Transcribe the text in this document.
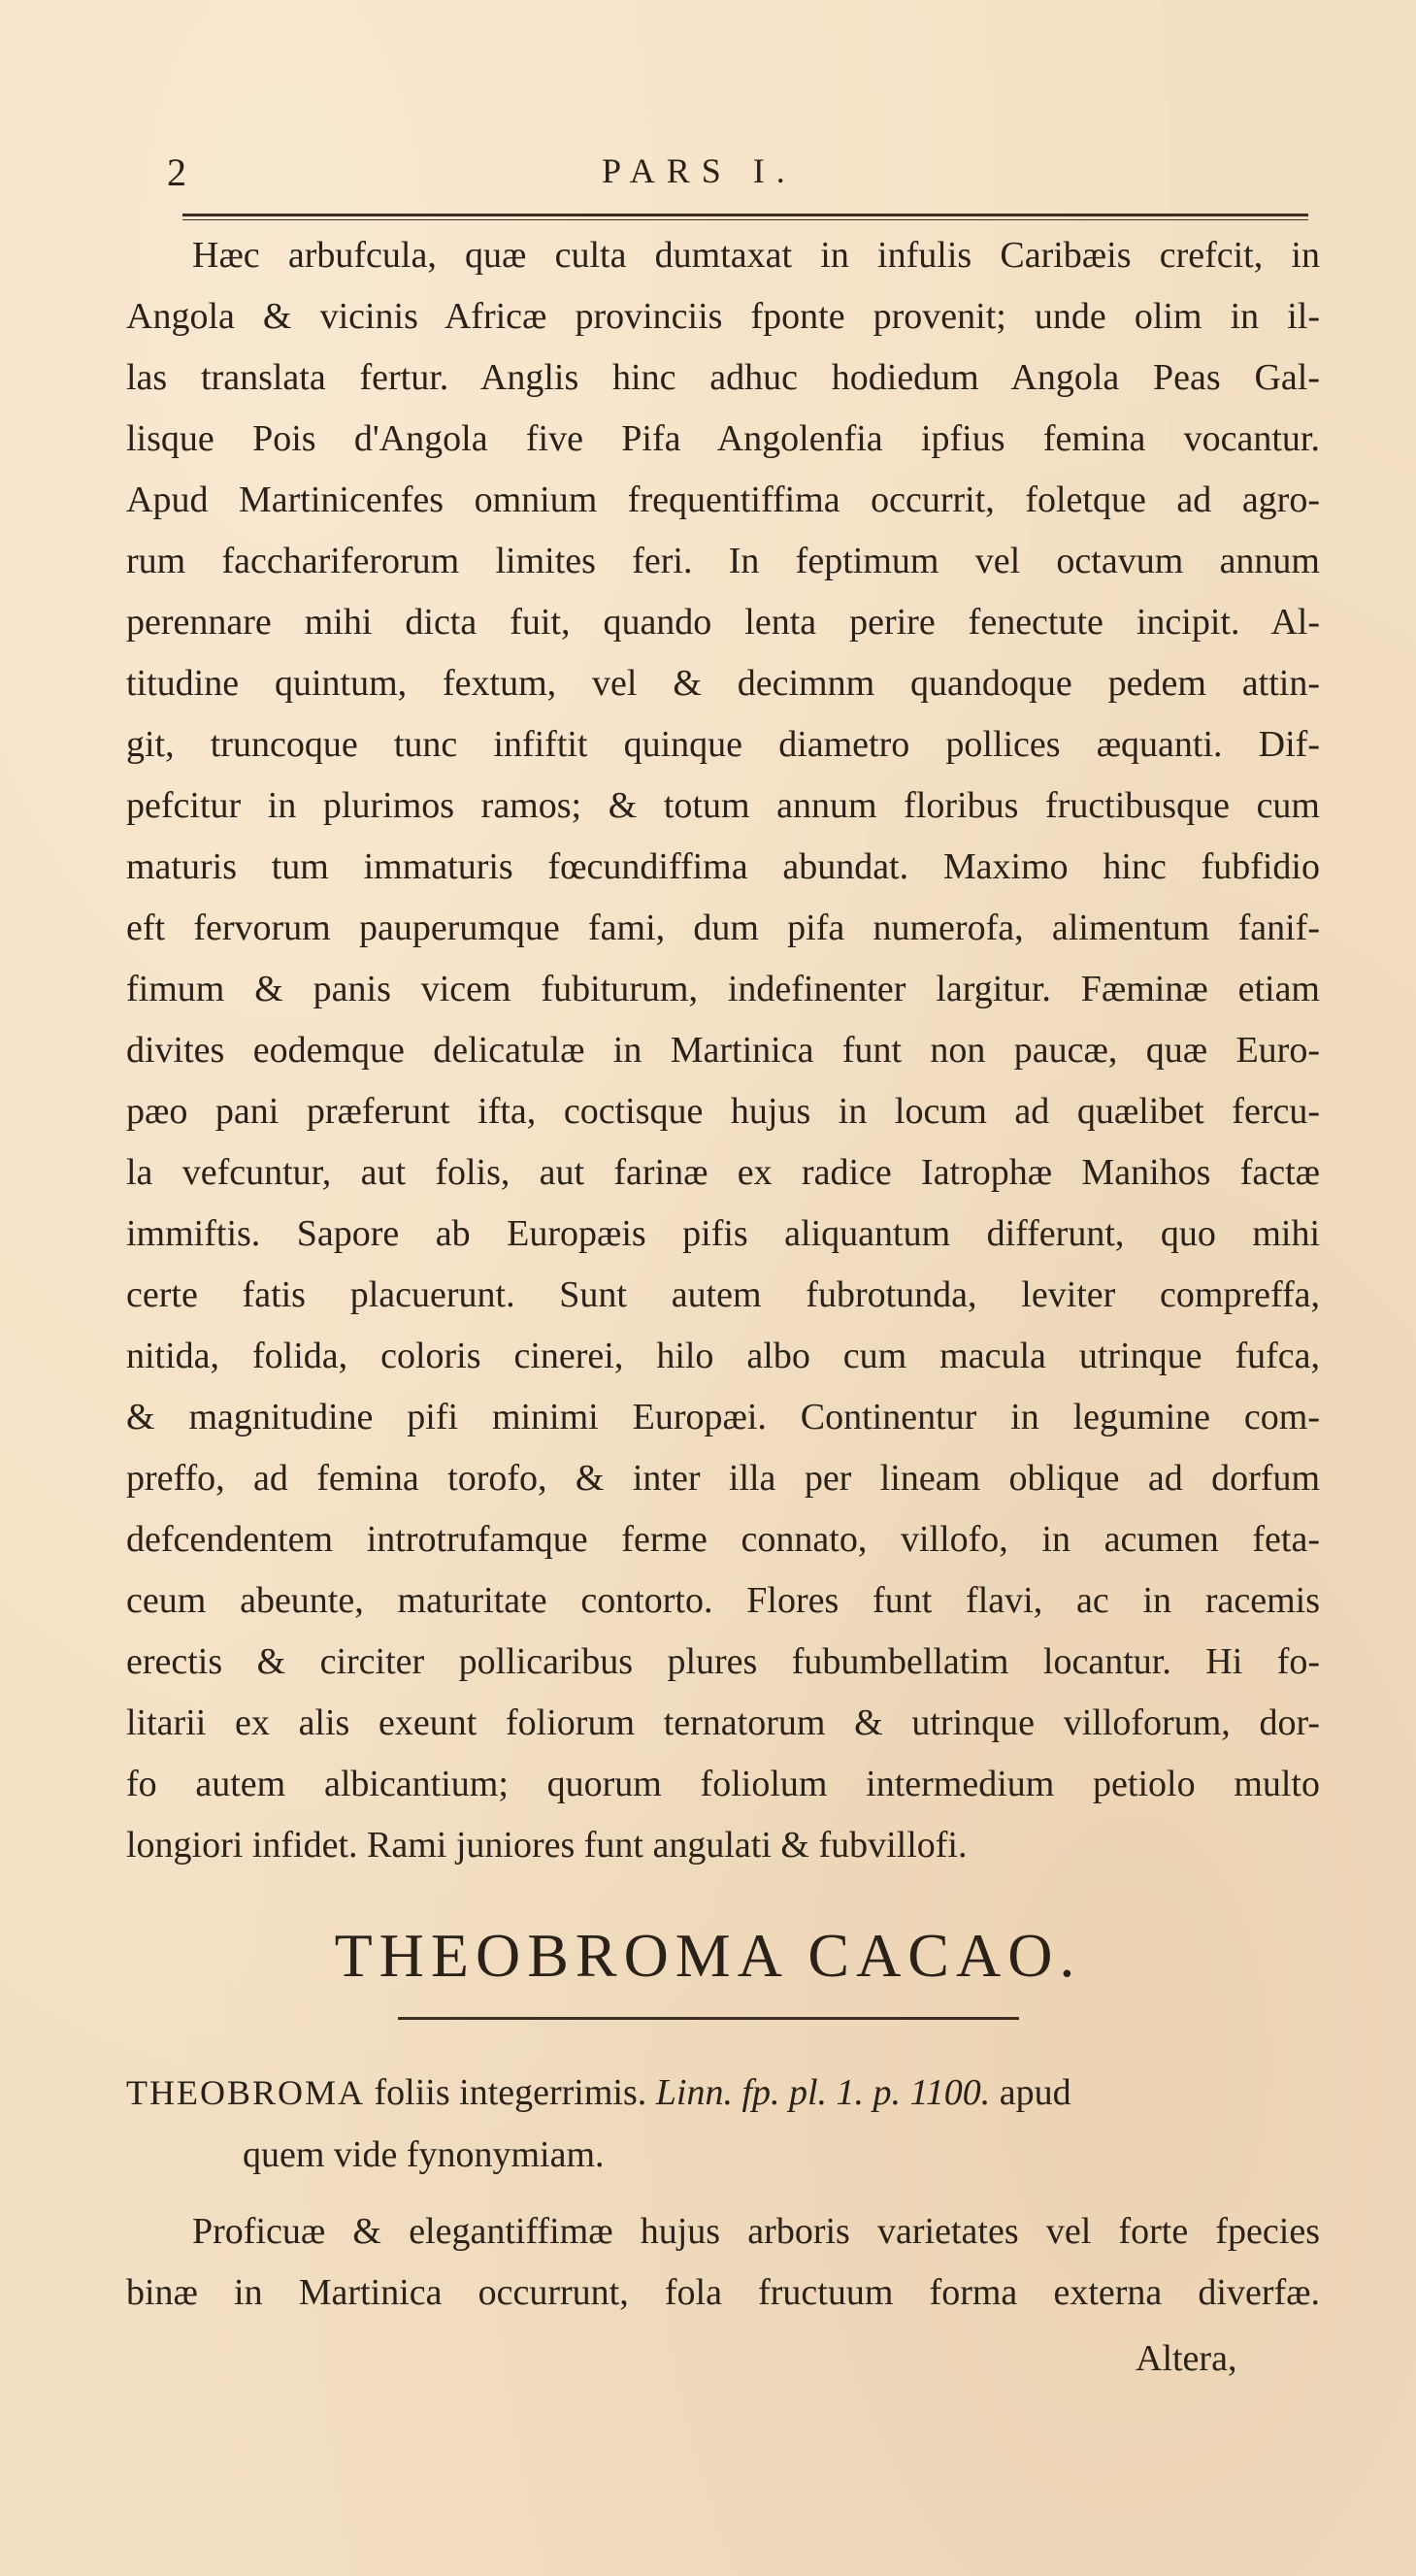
2	PARS I.
Hæc arbufcula, quæ culta dumtaxat in infulis Caribæis crefcit, in
Angola & vicinis Africæ provinciis fponte provenit; unde olim in il-
las translata fertur. Anglis hinc adhuc hodiedum Angola Peas Gal-
lisque Pois d'Angola five Pifa Angolenfia ipfius femina vocantur.
Apud Martinicenfes omnium frequentiffima occurrit, foletque ad agro-
rum facchariferorum limites feri. In feptimum vel octavum annum
perennare mihi dicta fuit, quando lenta perire fenectute incipit. Al-
titudine quintum, fextum, vel & decimnm quandoque pedem attin-
git, truncoque tunc infiftit quinque diametro pollices æquanti. Dif-
pefcitur in plurimos ramos; & totum annum floribus fructibusque cum
maturis tum immaturis fœcundiffima abundat. Maximo hinc fubfidio
eft fervorum pauperumque fami, dum pifa numerofa, alimentum fanif-
fimum & panis vicem fubiturum, indefinenter largitur. Fæminæ etiam
divites eodemque delicatulæ in Martinica funt non paucæ, quæ Euro-
pæo pani præferunt ifta, coctisque hujus in locum ad quælibet fercu-
la vefcuntur, aut folis, aut farinæ ex radice Iatrophæ Manihos factæ
immiftis. Sapore ab Europæis pifis aliquantum differunt, quo mihi
certe fatis placuerunt. Sunt autem fubrotunda, leviter compreffa,
nitida, folida, coloris cinerei, hilo albo cum macula utrinque fufca,
& magnitudine pifi minimi Europæi. Continentur in legumine com-
preffo, ad femina torofo, & inter illa per lineam oblique ad dorfum
defcendentem introtrufamque ferme connato, villofo, in acumen feta-
ceum abeunte, maturitate contorto. Flores funt flavi, ac in racemis
erectis & circiter pollicaribus plures fubumbellatim locantur. Hi fo-
litarii ex alis exeunt foliorum ternatorum & utrinque villoforum, dor-
fo autem albicantium; quorum foliolum intermedium petiolo multo
longiori infidet. Rami juniores funt angulati & fubvillofi.
THEOBROMA CACAO.
THEOBROMA foliis integerrimis. Linn. fp. pl. 1. p. 1100. apud
quem vide fynonymiam.
Proficuæ & elegantiffimæ hujus arboris varietates vel forte fpecies
binæ in Martinica occurrunt, fola fructuum forma externa diverfæ.
Altera,
